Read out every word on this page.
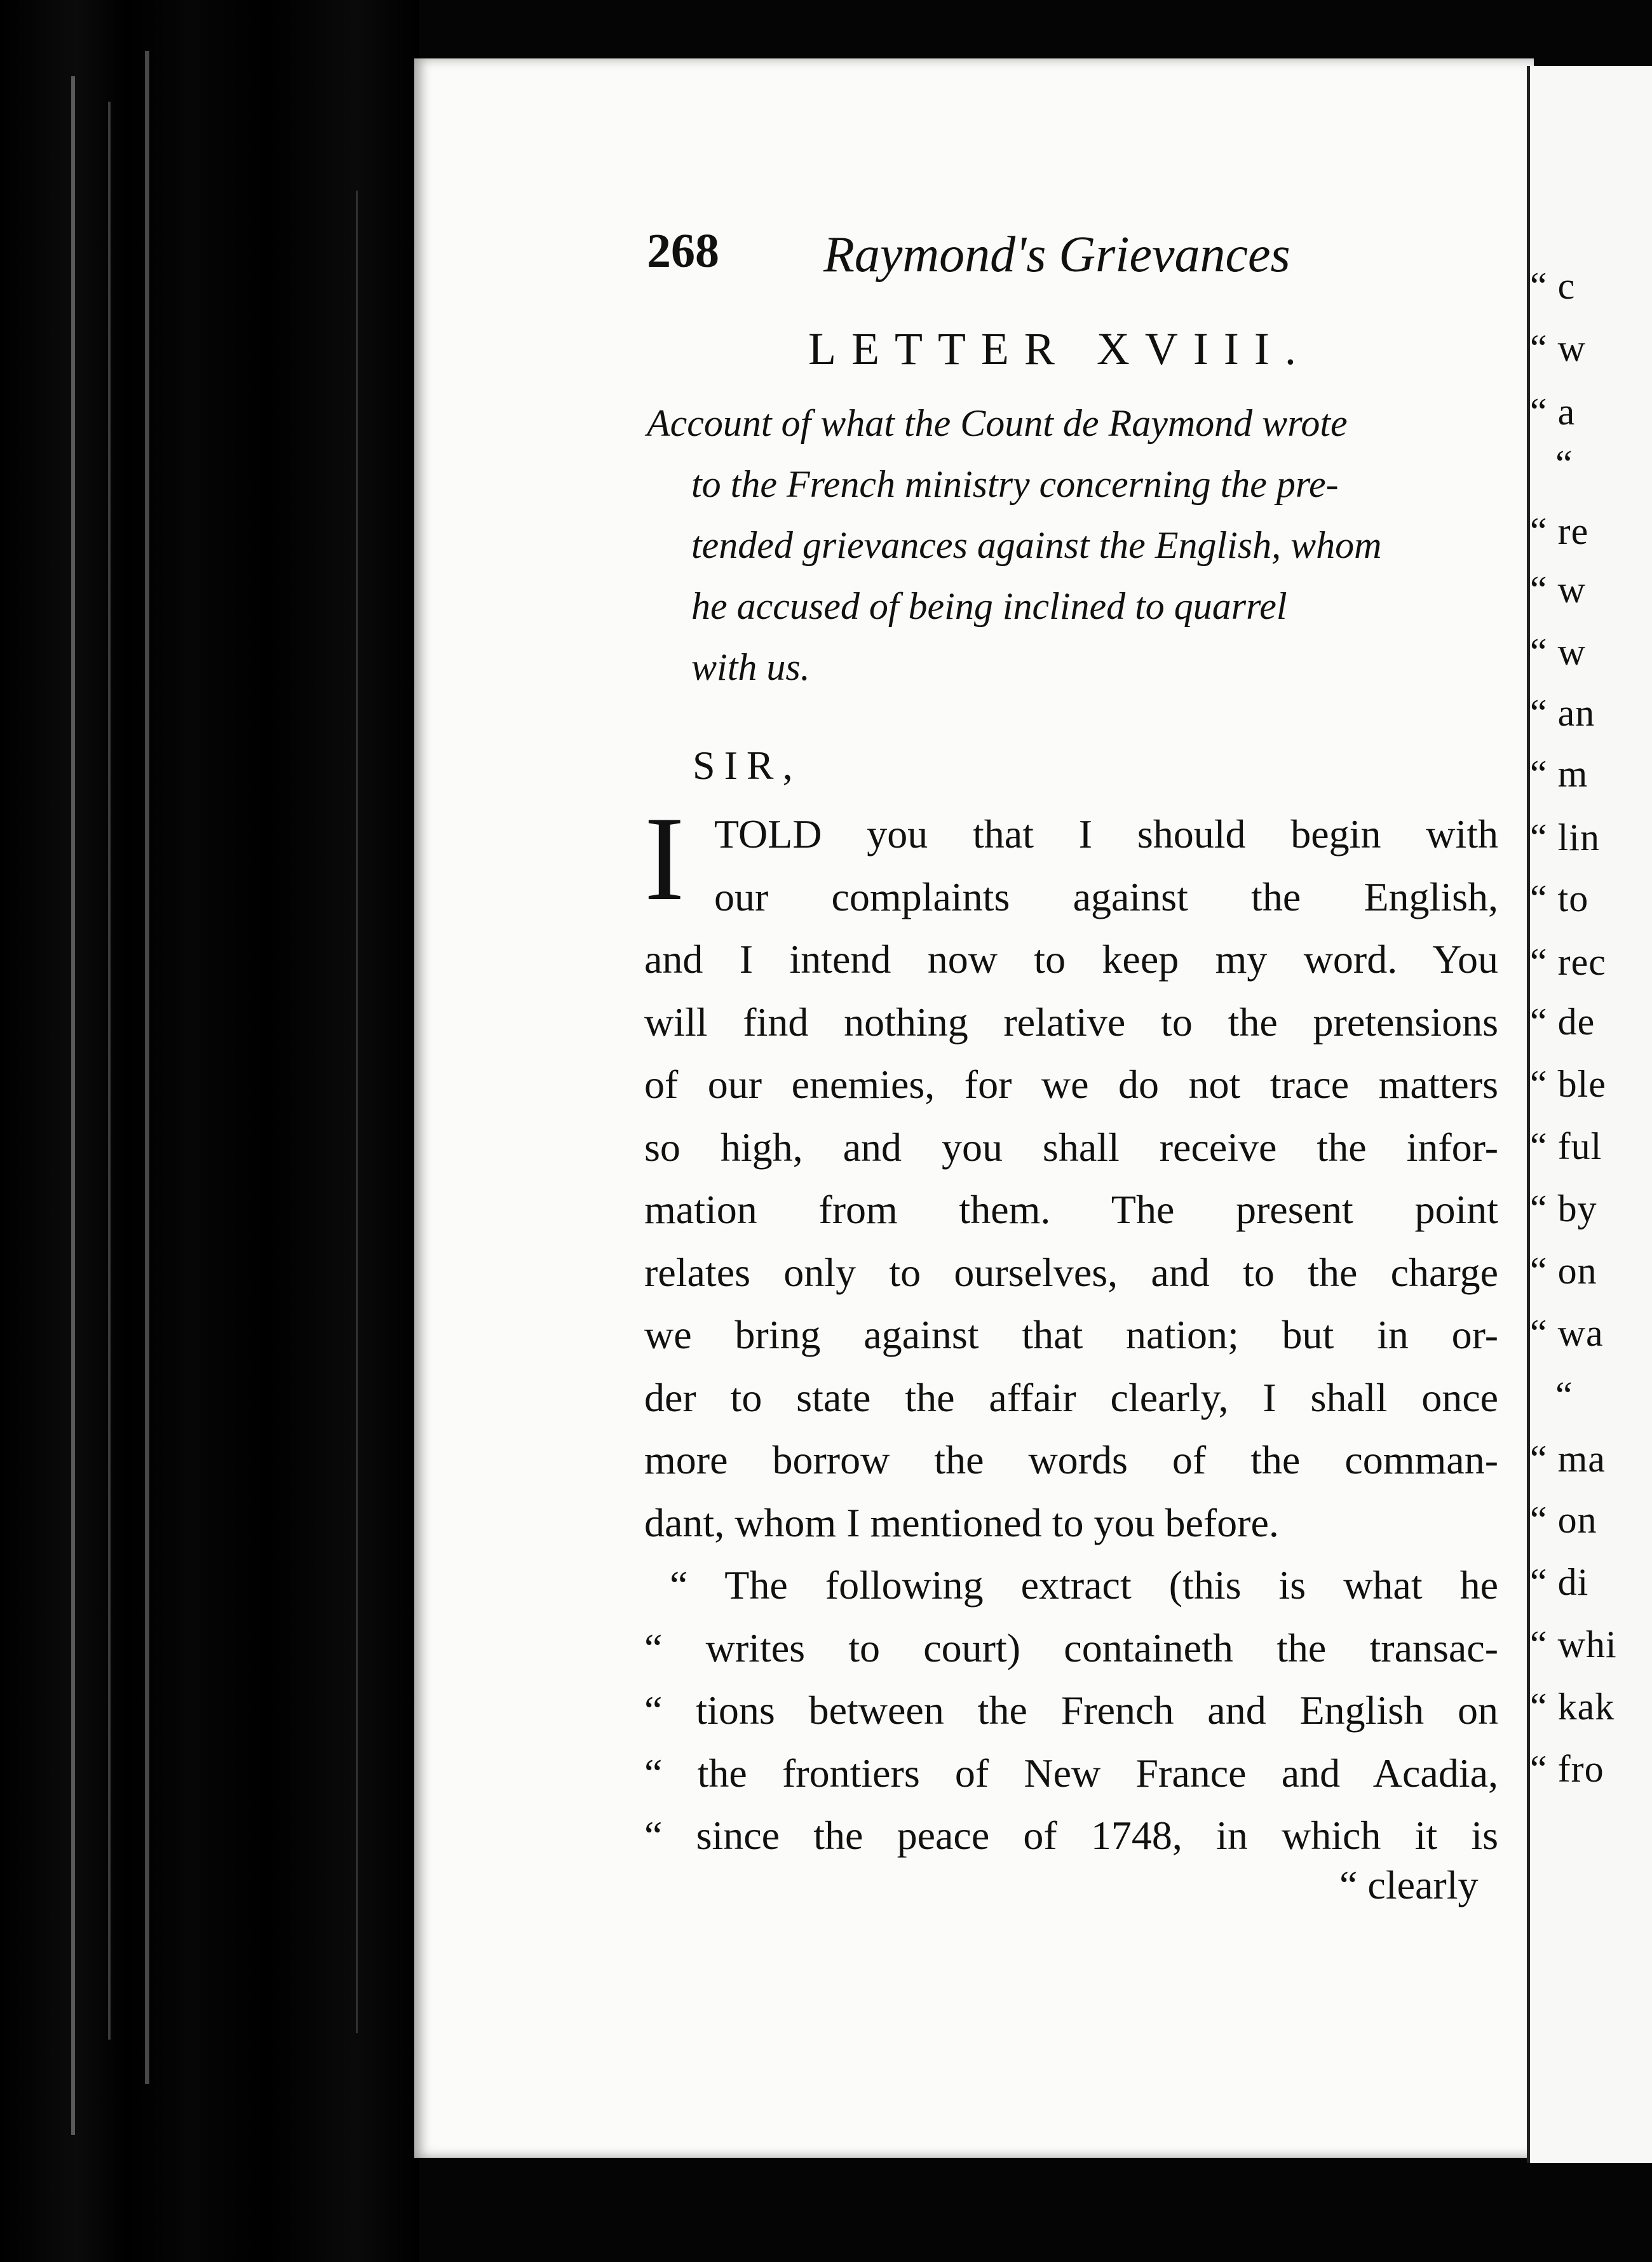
268 Raymond's Grievances
LETTER XVIII.
Account of what the Count de Raymond wrote
to the French ministry concerning the pre-
tended grievances against the English, whom
he accused of being inclined to quarrel
with us.
SIR,
I TOLD you that I should begin with
our complaints against the English,
and I intend now to keep my word. You
will find nothing relative to the pretensions
of our enemies, for we do not trace matters
so high, and you shall receive the infor-
mation from them. The present point
relates only to ourselves, and to the charge
we bring against that nation; but in or-
der to state the affair clearly, I shall once
more borrow the words of the comman-
dant, whom I mentioned to you before.
“ The following extract (this is what he
“ writes to court) containeth the transac-
“ tions between the French and English on
“ the frontiers of New France and Acadia,
“ since the peace of 1748, in which it is
“ clearly
“ c
“ w
“ a
“
“ re
“ w
“ w
“ an
“ m
“ lin
“ to
“ rec
“ de
“ ble
“ ful
“ by
“ on
“ wa
“
“ ma
“ on
“ di
“ whi
“ kak
“ fro
